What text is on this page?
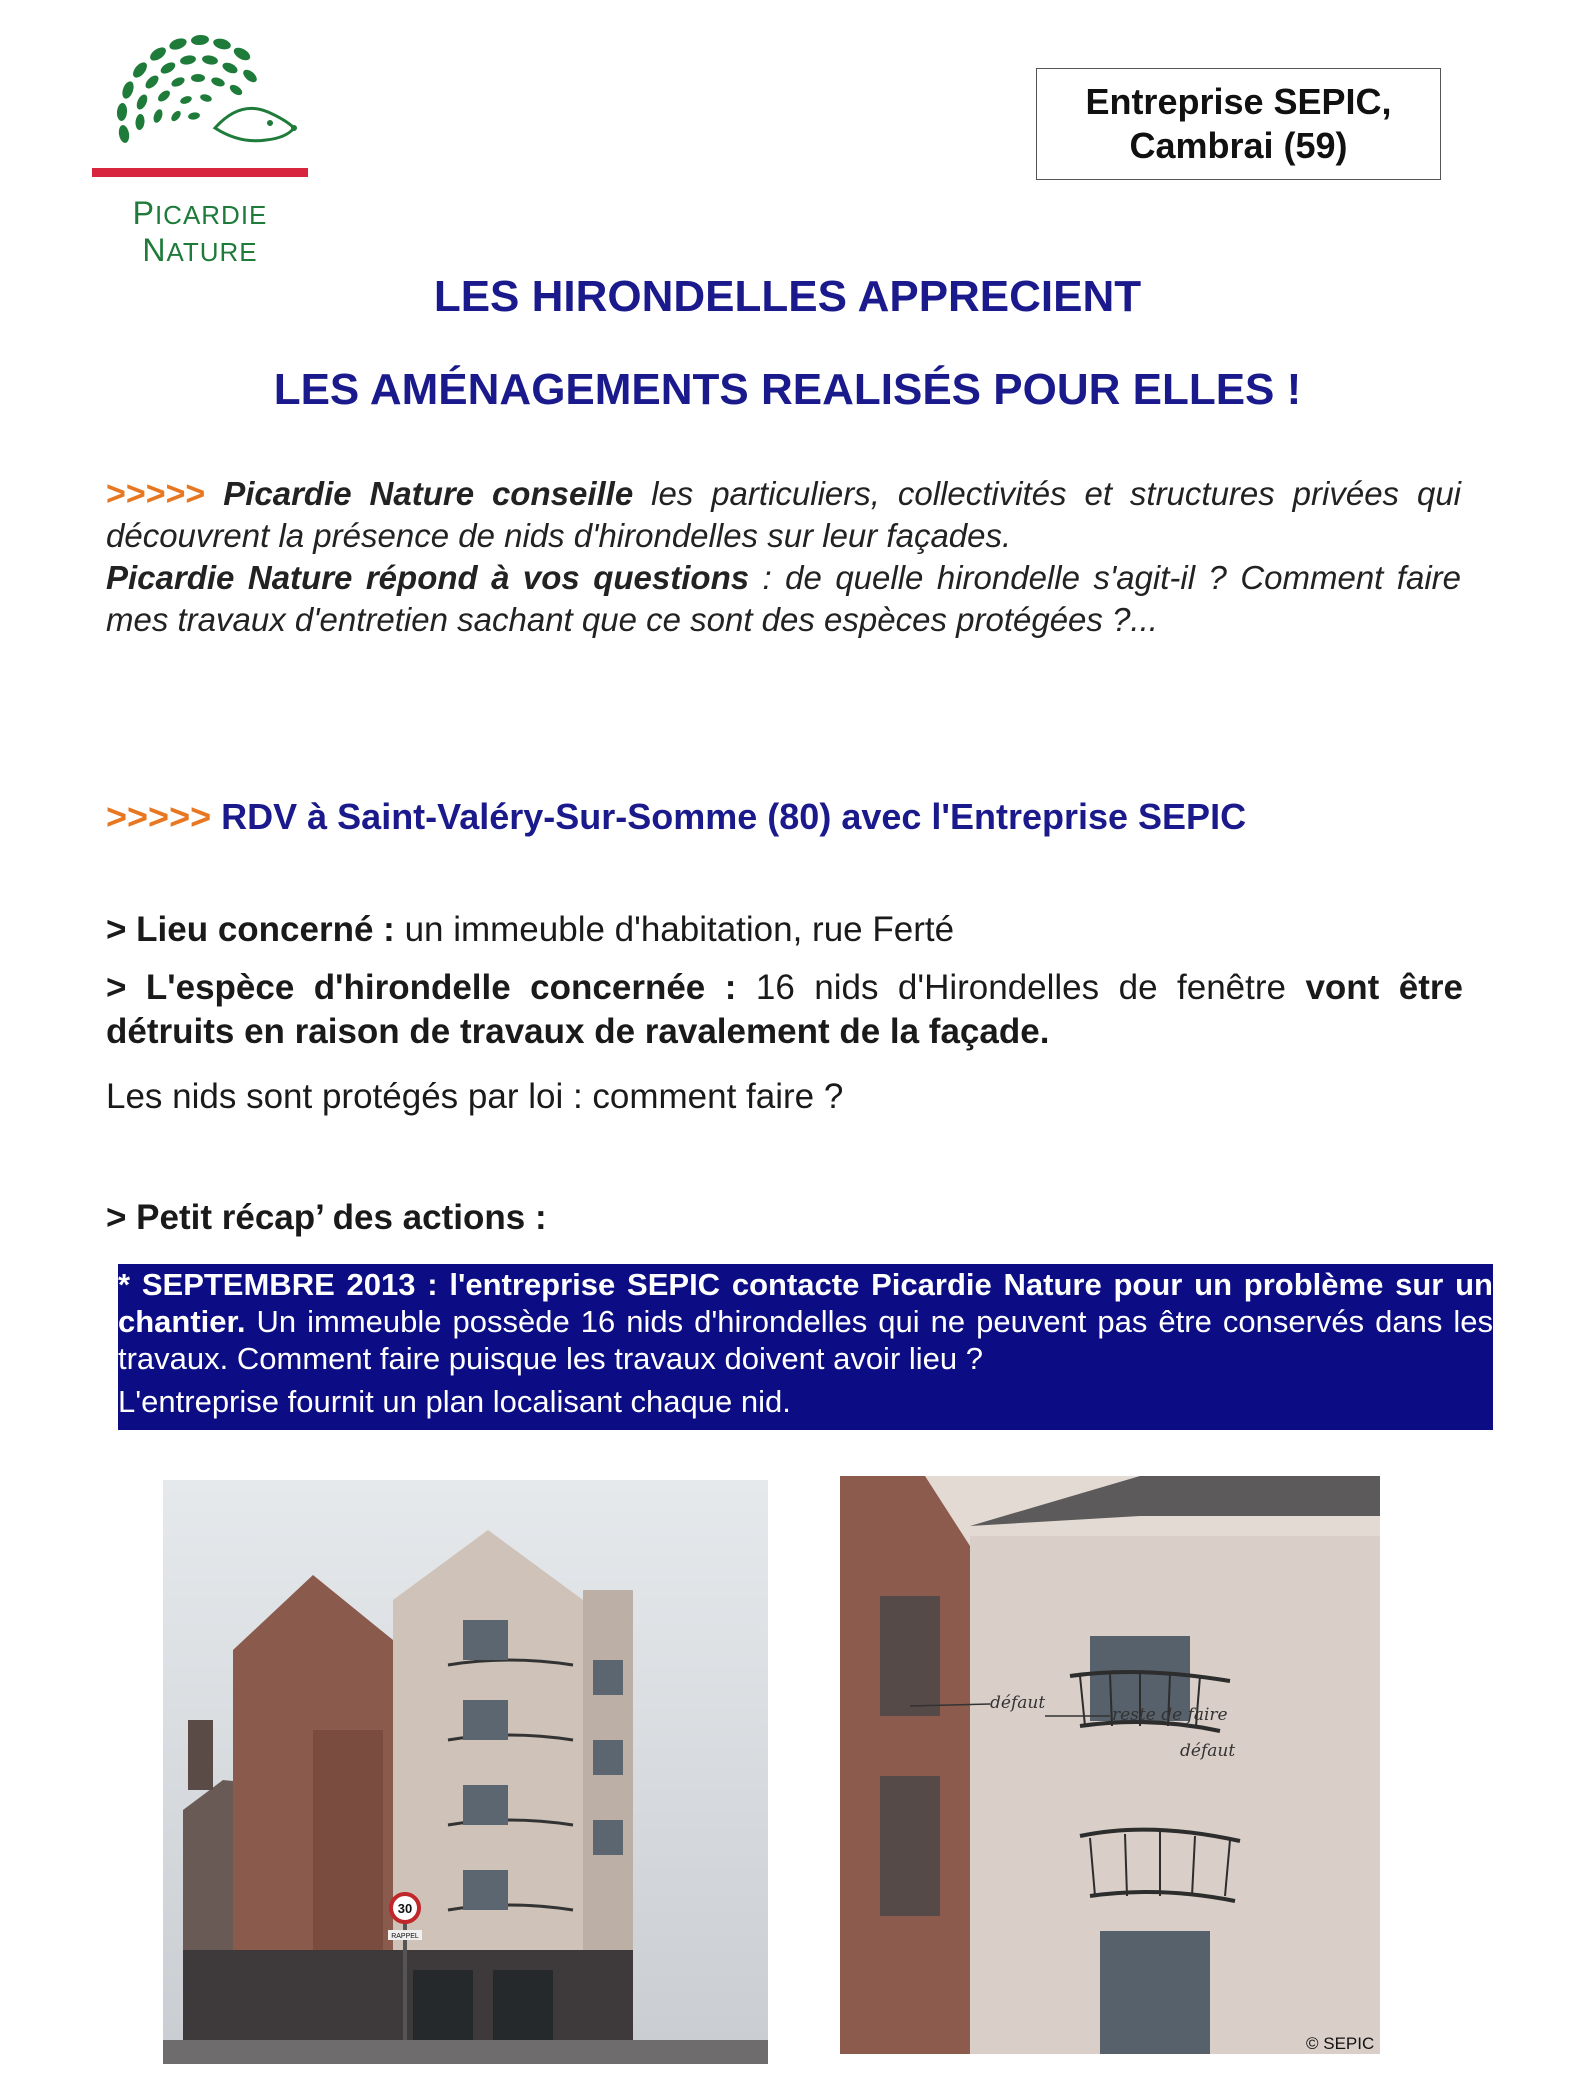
PICARDIE NATURE
Entreprise SEPIC,
Cambrai (59)
LES HIRONDELLES APPRECIENT
LES AMÉNAGEMENTS REALISÉS POUR ELLES !
>>>>> Picardie Nature conseille les particuliers, collectivités et structures privées qui découvrent la présence de nids d'hirondelles sur leur façades.
Picardie Nature répond à vos questions : de quelle hirondelle s'agit-il ? Comment faire mes travaux d'entretien sachant que ce sont des espèces protégées ?...
>>>>> RDV à Saint-Valéry-Sur-Somme (80) avec l'Entreprise SEPIC
> Lieu concerné : un immeuble d'habitation, rue Ferté
> L'espèce d'hirondelle concernée : 16 nids d'Hirondelles de fenêtre vont être détruits en raison de travaux de ravalement de la façade.
Les nids sont protégés par loi : comment faire ?
> Petit récap’ des actions :
* SEPTEMBRE 2013 : l'entreprise SEPIC contacte Picardie Nature pour un problème sur un chantier. Un immeuble possède 16 nids d'hirondelles qui ne peuvent pas être conservés dans les travaux. Comment faire puisque les travaux doivent avoir lieu ?
L'entreprise fournit un plan localisant chaque nid.
30
RAPPEL
défaut
reste de faire
défaut
© SEPIC
